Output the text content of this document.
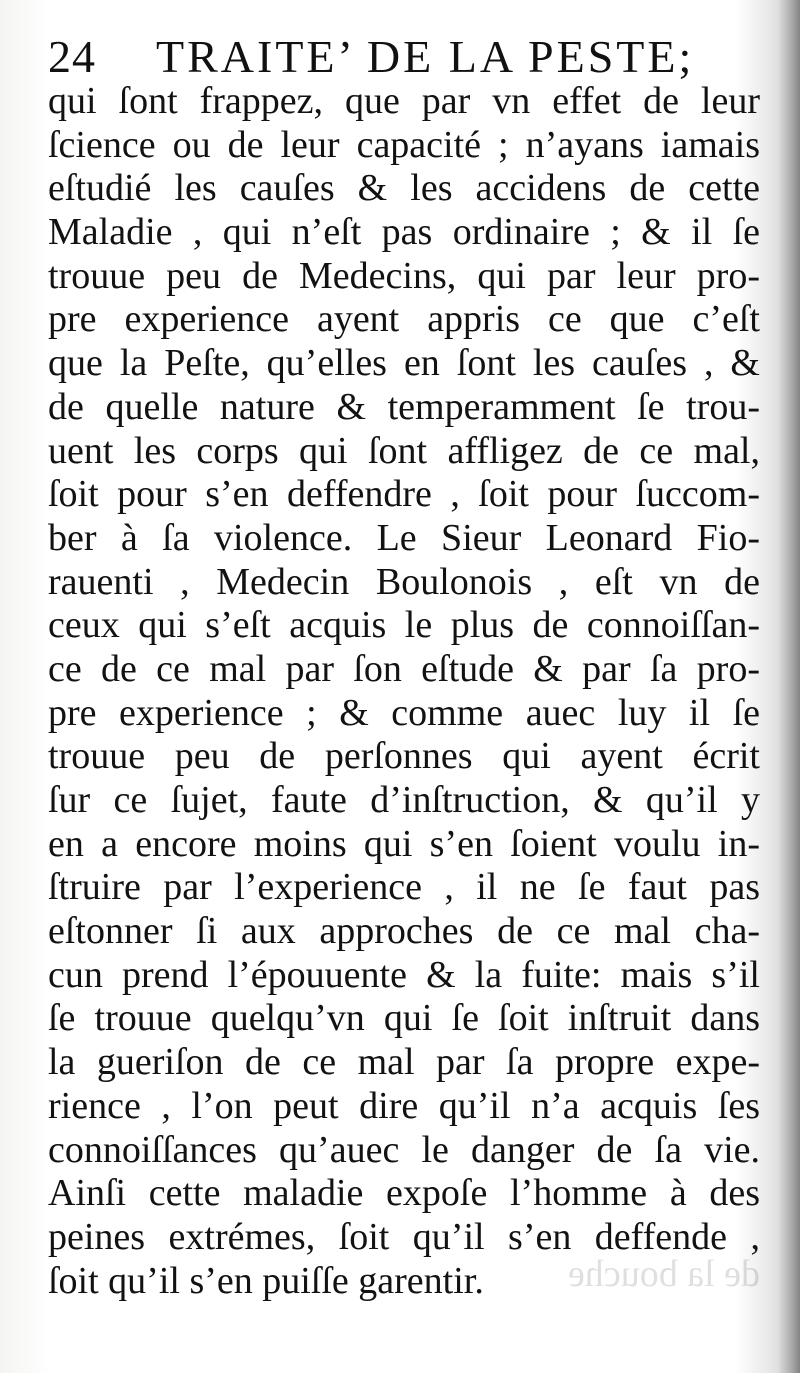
24 TRAITE’ DE LA PESTE;
qui ſont frappez, que par vn effet de leur
ſcience ou de leur capacité ; n’ayans iamais
eſtudié les cauſes & les accidens de cette
Maladie , qui n’eſt pas ordinaire ; & il ſe
trouue peu de Medecins, qui par leur pro-
pre experience ayent appris ce que c’eſt
que la Peſte, qu’elles en ſont les cauſes , &
de quelle nature & temperamment ſe trou-
uent les corps qui ſont affligez de ce mal,
ſoit pour s’en deffendre , ſoit pour ſuccom-
ber à ſa violence. Le Sieur Leonard Fio-
rauenti , Medecin Boulonois , eſt vn de
ceux qui s’eſt acquis le plus de connoiſſan-
ce de ce mal par ſon eſtude & par ſa pro-
pre experience ; & comme auec luy il ſe
trouue peu de perſonnes qui ayent écrit
ſur ce ſujet, faute d’inſtruction, & qu’il y
en a encore moins qui s’en ſoient voulu in-
ſtruire par l’experience , il ne ſe faut pas
eſtonner ſi aux approches de ce mal cha-
cun prend l’épouuente & la fuite: mais s’il
ſe trouue quelqu’vn qui ſe ſoit inſtruit dans
la gueriſon de ce mal par ſa propre expe-
rience , l’on peut dire qu’il n’a acquis ſes
connoiſſances qu’auec le danger de ſa vie.
Ainſi cette maladie expoſe l’homme à des
peines extrémes, ſoit qu’il s’en deffende ,
ſoit qu’il s’en puiſſe garentir.	de la bouche
